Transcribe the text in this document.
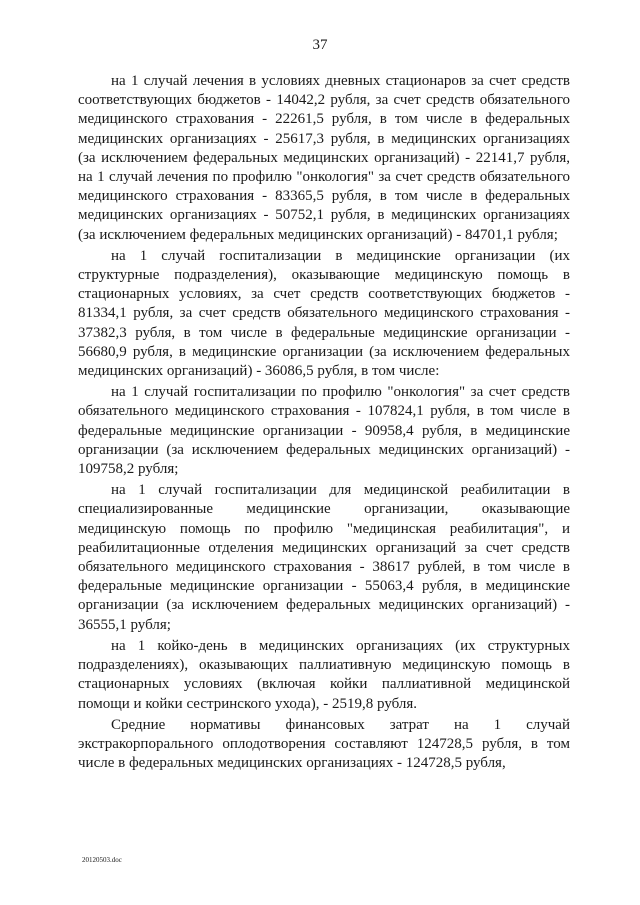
37

на 1 случай лечения в условиях дневных стационаров за счет средств соответствующих бюджетов - 14042,2 рубля, за счет средств обязательного медицинского страхования - 22261,5 рубля, в том числе в федеральных медицинских организациях - 25617,3 рубля, в медицинских организациях (за исключением федеральных медицинских организаций) - 22141,7 рубля, на 1 случай лечения по профилю "онкология" за счет средств обязательного медицинского страхования - 83365,5 рубля, в том числе в федеральных медицинских организациях - 50752,1 рубля, в медицинских организациях (за исключением федеральных медицинских организаций) - 84701,1 рубля;

на 1 случай госпитализации в медицинские организации (их структурные подразделения), оказывающие медицинскую помощь в стационарных условиях, за счет средств соответствующих бюджетов - 81334,1 рубля, за счет средств обязательного медицинского страхования - 37382,3 рубля, в том числе в федеральные медицинские организации - 56680,9 рубля, в медицинские организации (за исключением федеральных медицинских организаций) - 36086,5 рубля, в том числе:

на 1 случай госпитализации по профилю "онкология" за счет средств обязательного медицинского страхования - 107824,1 рубля, в том числе в федеральные медицинские организации - 90958,4 рубля, в медицинские организации (за исключением федеральных медицинских организаций) - 109758,2 рубля;

на 1 случай госпитализации для медицинской реабилитации в специализированные медицинские организации, оказывающие медицинскую помощь по профилю "медицинская реабилитация", и реабилитационные отделения медицинских организаций за счет средств обязательного медицинского страхования - 38617 рублей, в том числе в федеральные медицинские организации - 55063,4 рубля, в медицинские организации (за исключением федеральных медицинских организаций) - 36555,1 рубля;

на 1 койко-день в медицинских организациях (их структурных подразделениях), оказывающих паллиативную медицинскую помощь в стационарных условиях (включая койки паллиативной медицинской помощи и койки сестринского ухода), - 2519,8 рубля.

Средние нормативы финансовых затрат на 1 случай экстракорпорального оплодотворения составляют 124728,5 рубля, в том числе в федеральных медицинских организациях - 124728,5 рубля,

20120503.doc
